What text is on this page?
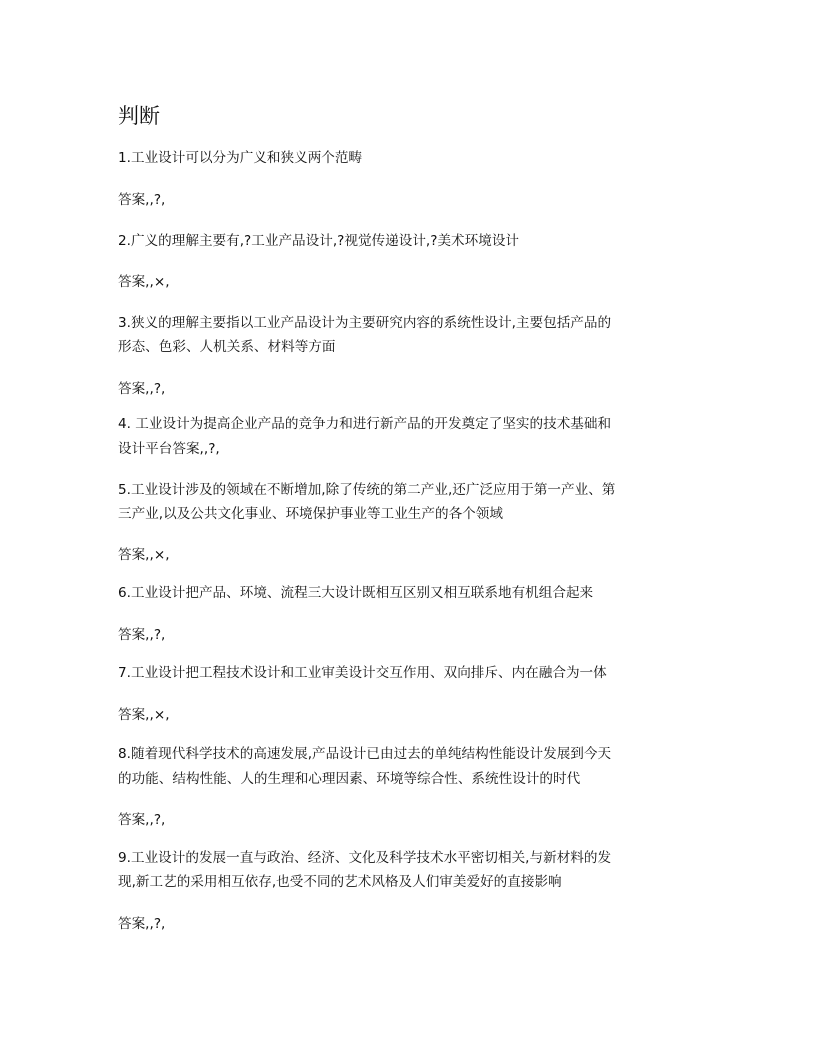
判断
1.工业设计可以分为广义和狭义两个范畴
答案,,?,
2.广义的理解主要有,?工业产品设计,?视觉传递设计,?美术环境设计
答案,,×,
3.狭义的理解主要指以工业产品设计为主要研究内容的系统性设计,主要包括产品的
形态、色彩、人机关系、材料等方面
答案,,?,
4. 工业设计为提高企业产品的竞争力和进行新产品的开发奠定了坚实的技术基础和
设计平台答案,,?,
5.工业设计涉及的领域在不断增加,除了传统的第二产业,还广泛应用于第一产业、第
三产业,以及公共文化事业、环境保护事业等工业生产的各个领域
答案,,×,
6.工业设计把产品、环境、流程三大设计既相互区别又相互联系地有机组合起来
答案,,?,
7.工业设计把工程技术设计和工业审美设计交互作用、双向排斥、内在融合为一体
答案,,×,
8.随着现代科学技术的高速发展,产品设计已由过去的单纯结构性能设计发展到今天
的功能、结构性能、人的生理和心理因素、环境等综合性、系统性设计的时代
答案,,?,
9.工业设计的发展一直与政治、经济、文化及科学技术水平密切相关,与新材料的发
现,新工艺的采用相互依存,也受不同的艺术风格及人们审美爱好的直接影响
答案,,?,
